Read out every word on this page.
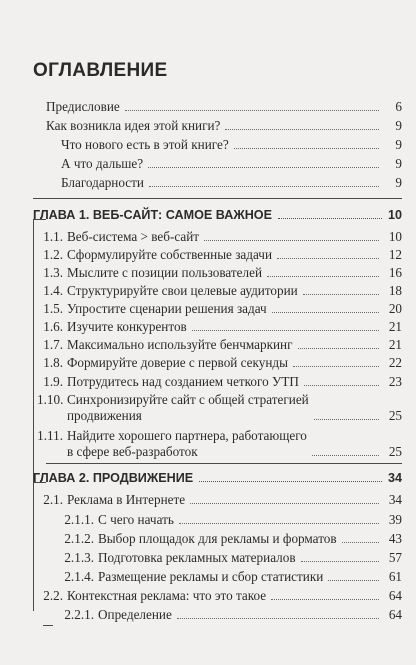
ОГЛАВЛЕНИЕ
Предисловие	6
Как возникла идея этой книги?	9
Что нового есть в этой книге?	9
А что дальше?	9
Благодарности	9
ГЛАВА 1. ВЕБ-САЙТ: САМОЕ ВАЖНОЕ	10
1.1. Веб-система > веб-сайт	10
1.2. Сформулируйте собственные задачи	12
1.3. Мыслите с позиции пользователей	16
1.4. Структурируйте свои целевые аудитории	18
1.5. Упростите сценарии решения задач	20
1.6. Изучите конкурентов	21
1.7. Максимально используйте бенчмаркинг	21
1.8. Формируйте доверие с первой секунды	22
1.9. Потрудитесь над созданием четкого УТП	23
1.10. Синхронизируйте сайт с общей стратегией
продвижения	25
1.11. Найдите хорошего партнера, работающего
в сфере веб-разработок	25
ГЛАВА 2. ПРОДВИЖЕНИЕ	34
2.1. Реклама в Интернете	34
2.1.1. С чего начать	39
2.1.2. Выбор площадок для рекламы и форматов	43
2.1.3. Подготовка рекламных материалов	57
2.1.4. Размещение рекламы и сбор статистики	61
2.2. Контекстная реклама: что это такое	64
2.2.1. Определение	64
